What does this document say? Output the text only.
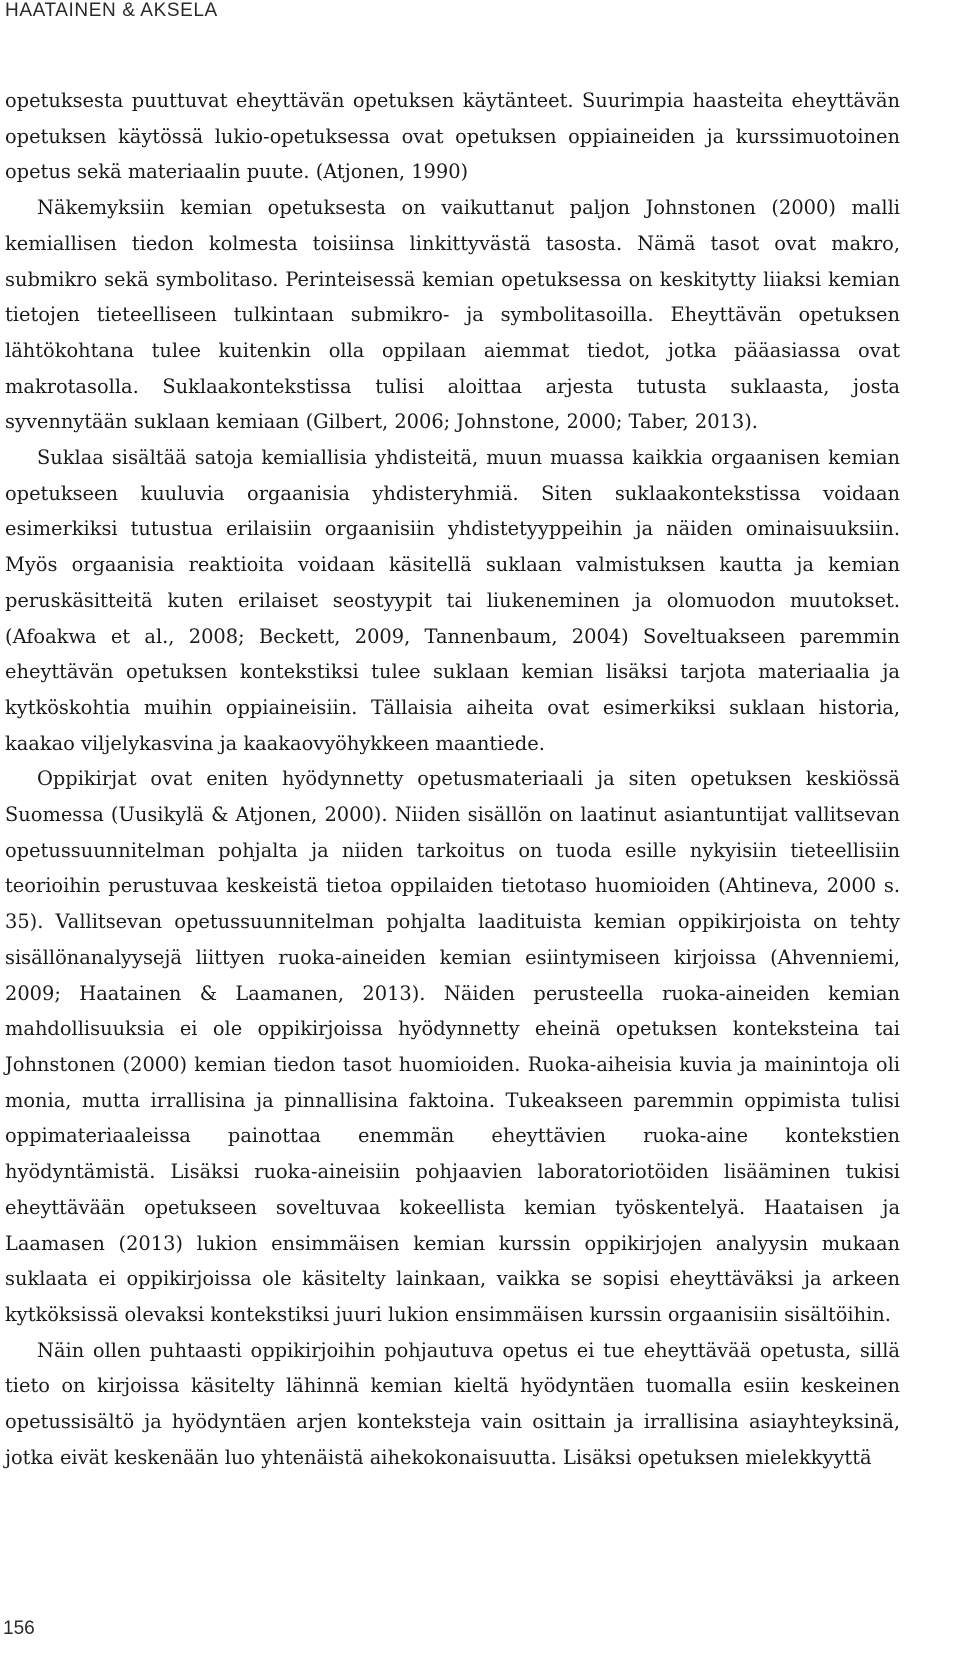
HAATAINEN & AKSELA

opetuksesta puuttuvat eheyttävän opetuksen käytänteet. Suurimpia haasteita eheyttävän opetuksen käytössä lukio-opetuksessa ovat opetuksen oppiaineiden ja kurssimuotoinen opetus sekä materiaalin puute. (Atjonen, 1990)

Näkemyksiin kemian opetuksesta on vaikuttanut paljon Johnstonen (2000) malli kemiallisen tiedon kolmesta toisiinsa linkittyvästä tasosta. Nämä tasot ovat makro, submikro sekä symbolitaso. Perinteisessä kemian opetuksessa on keskitytty liiaksi kemian tietojen tieteelliseen tulkintaan submikro- ja symbolitasoilla. Eheyttävän opetuksen lähtökohtana tulee kuitenkin olla oppilaan aiemmat tiedot, jotka pääasiassa ovat makrotasolla. Suklaakontekstissa tulisi aloittaa arjesta tutusta suklaasta, josta syvennytään suklaan kemiaan (Gilbert, 2006; Johnstone, 2000; Taber, 2013).

Suklaa sisältää satoja kemiallisia yhdisteitä, muun muassa kaikkia orgaanisen kemian opetukseen kuuluvia orgaanisia yhdisteryhmiä. Siten suklaakontekstissa voidaan esimerkiksi tutustua erilaisiin orgaanisiin yhdistetyyppeihin ja näiden ominaisuuksiin. Myös orgaanisia reaktioita voidaan käsitellä suklaan valmistuksen kautta ja kemian peruskäsitteitä kuten erilaiset seostyypit tai liukeneminen ja olomuodon muutokset.(Afoakwa et al., 2008; Beckett, 2009, Tannenbaum, 2004) Soveltuakseen paremmin eheyttävän opetuksen kontekstiksi tulee suklaan kemian lisäksi tarjota materiaalia ja kytköskohtia muihin oppiaineisiin. Tällaisia aiheita ovat esimerkiksi suklaan historia, kaakao viljelykasvina ja kaakaovyöhykkeen maantiede.

Oppikirjat ovat eniten hyödynnetty opetusmateriaali ja siten opetuksen keskiössä Suomessa (Uusikylä & Atjonen, 2000). Niiden sisällön on laatinut asiantuntijat vallitsevan opetussuunnitelman pohjalta ja niiden tarkoitus on tuoda esille nykyisiin tieteellisiin teorioihin perustuvaa keskeistä tietoa oppilaiden tietotaso huomioiden (Ahtineva, 2000 s. 35). Vallitsevan opetussuunnitelman pohjalta laadituista kemian oppikirjoista on tehty sisällönanalyysejä liittyen ruoka-aineiden kemian esiintymiseen kirjoissa (Ahvenniemi, 2009; Haatainen & Laamanen, 2013). Näiden perusteella ruoka-aineiden kemian mahdollisuuksia ei ole oppikirjoissa hyödynnetty eheinä opetuksen konteksteina tai Johnstonen (2000) kemian tiedon tasot huomioiden. Ruoka-aiheisia kuvia ja mainintoja oli monia, mutta irrallisina ja pinnallisina faktoina. Tukeakseen paremmin oppimista tulisi oppimateriaaleissa painottaa enemmän eheyttävien ruoka-aine kontekstien hyödyntämistä. Lisäksi ruoka-aineisiin pohjaavien laboratoriotöiden lisääminen tukisi eheyttävään opetukseen soveltuvaa kokeellista kemian työskentelyä. Haataisen ja Laamasen (2013) lukion ensimmäisen kemian kurssin oppikirjojen analyysin mukaan suklaata ei oppikirjoissa ole käsitelty lainkaan, vaikka se sopisi eheyttäväksi ja arkeen kytköksissä olevaksi kontekstiksi juuri lukion ensimmäisen kurssin orgaanisiin sisältöihin.

Näin ollen puhtaasti oppikirjoihin pohjautuva opetus ei tue eheyttävää opetusta, sillä tieto on kirjoissa käsitelty lähinnä kemian kieltä hyödyntäen tuomalla esiin keskeinen opetussisältö ja hyödyntäen arjen konteksteja vain osittain ja irrallisina asiayhteyksinä, jotka eivät keskenään luo yhtenäistä aihekokonaisuutta. Lisäksi opetuksen mielekkyyttä

156
